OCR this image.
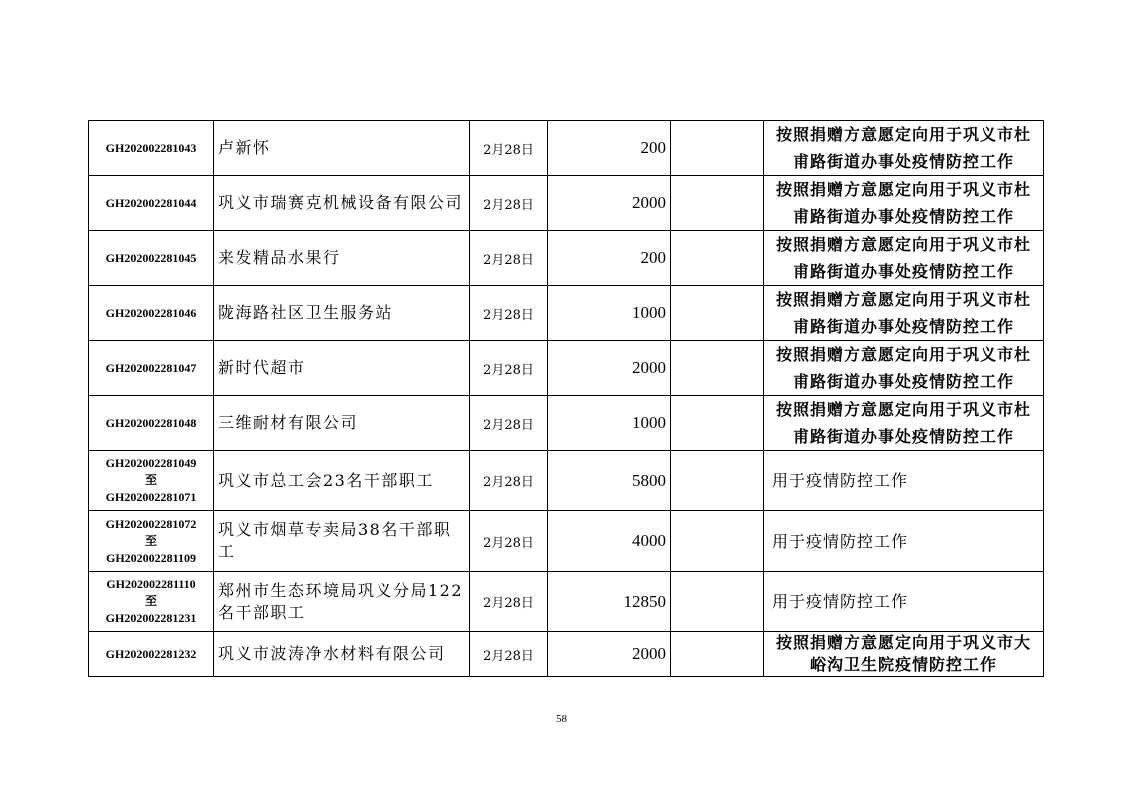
GH202002281043	卢新怀	2月28日	200		按照捐赠方意愿定向用于巩义市杜甫路街道办事处疫情防控工作

GH202002281044	巩义市瑞赛克机械设备有限公司	2月28日	2000		按照捐赠方意愿定向用于巩义市杜甫路街道办事处疫情防控工作

GH202002281045	来发精品水果行	2月28日	200		按照捐赠方意愿定向用于巩义市杜甫路街道办事处疫情防控工作

GH202002281046	陇海路社区卫生服务站	2月28日	1000		按照捐赠方意愿定向用于巩义市杜甫路街道办事处疫情防控工作

GH202002281047	新时代超市	2月28日	2000		按照捐赠方意愿定向用于巩义市杜甫路街道办事处疫情防控工作

GH202002281048	三维耐材有限公司	2月28日	1000		按照捐赠方意愿定向用于巩义市杜甫路街道办事处疫情防控工作

GH202002281049
至
GH202002281071	巩义市总工会23名干部职工	2月28日	5800		用于疫情防控工作

GH202002281072
至
GH202002281109	巩义市烟草专卖局38名干部职工	2月28日	4000		用于疫情防控工作

GH202002281110
至
GH202002281231	郑州市生态环境局巩义分局122名干部职工	2月28日	12850		用于疫情防控工作

GH202002281232	巩义市波涛净水材料有限公司	2月28日	2000		按照捐赠方意愿定向用于巩义市大峪沟卫生院疫情防控工作
58
